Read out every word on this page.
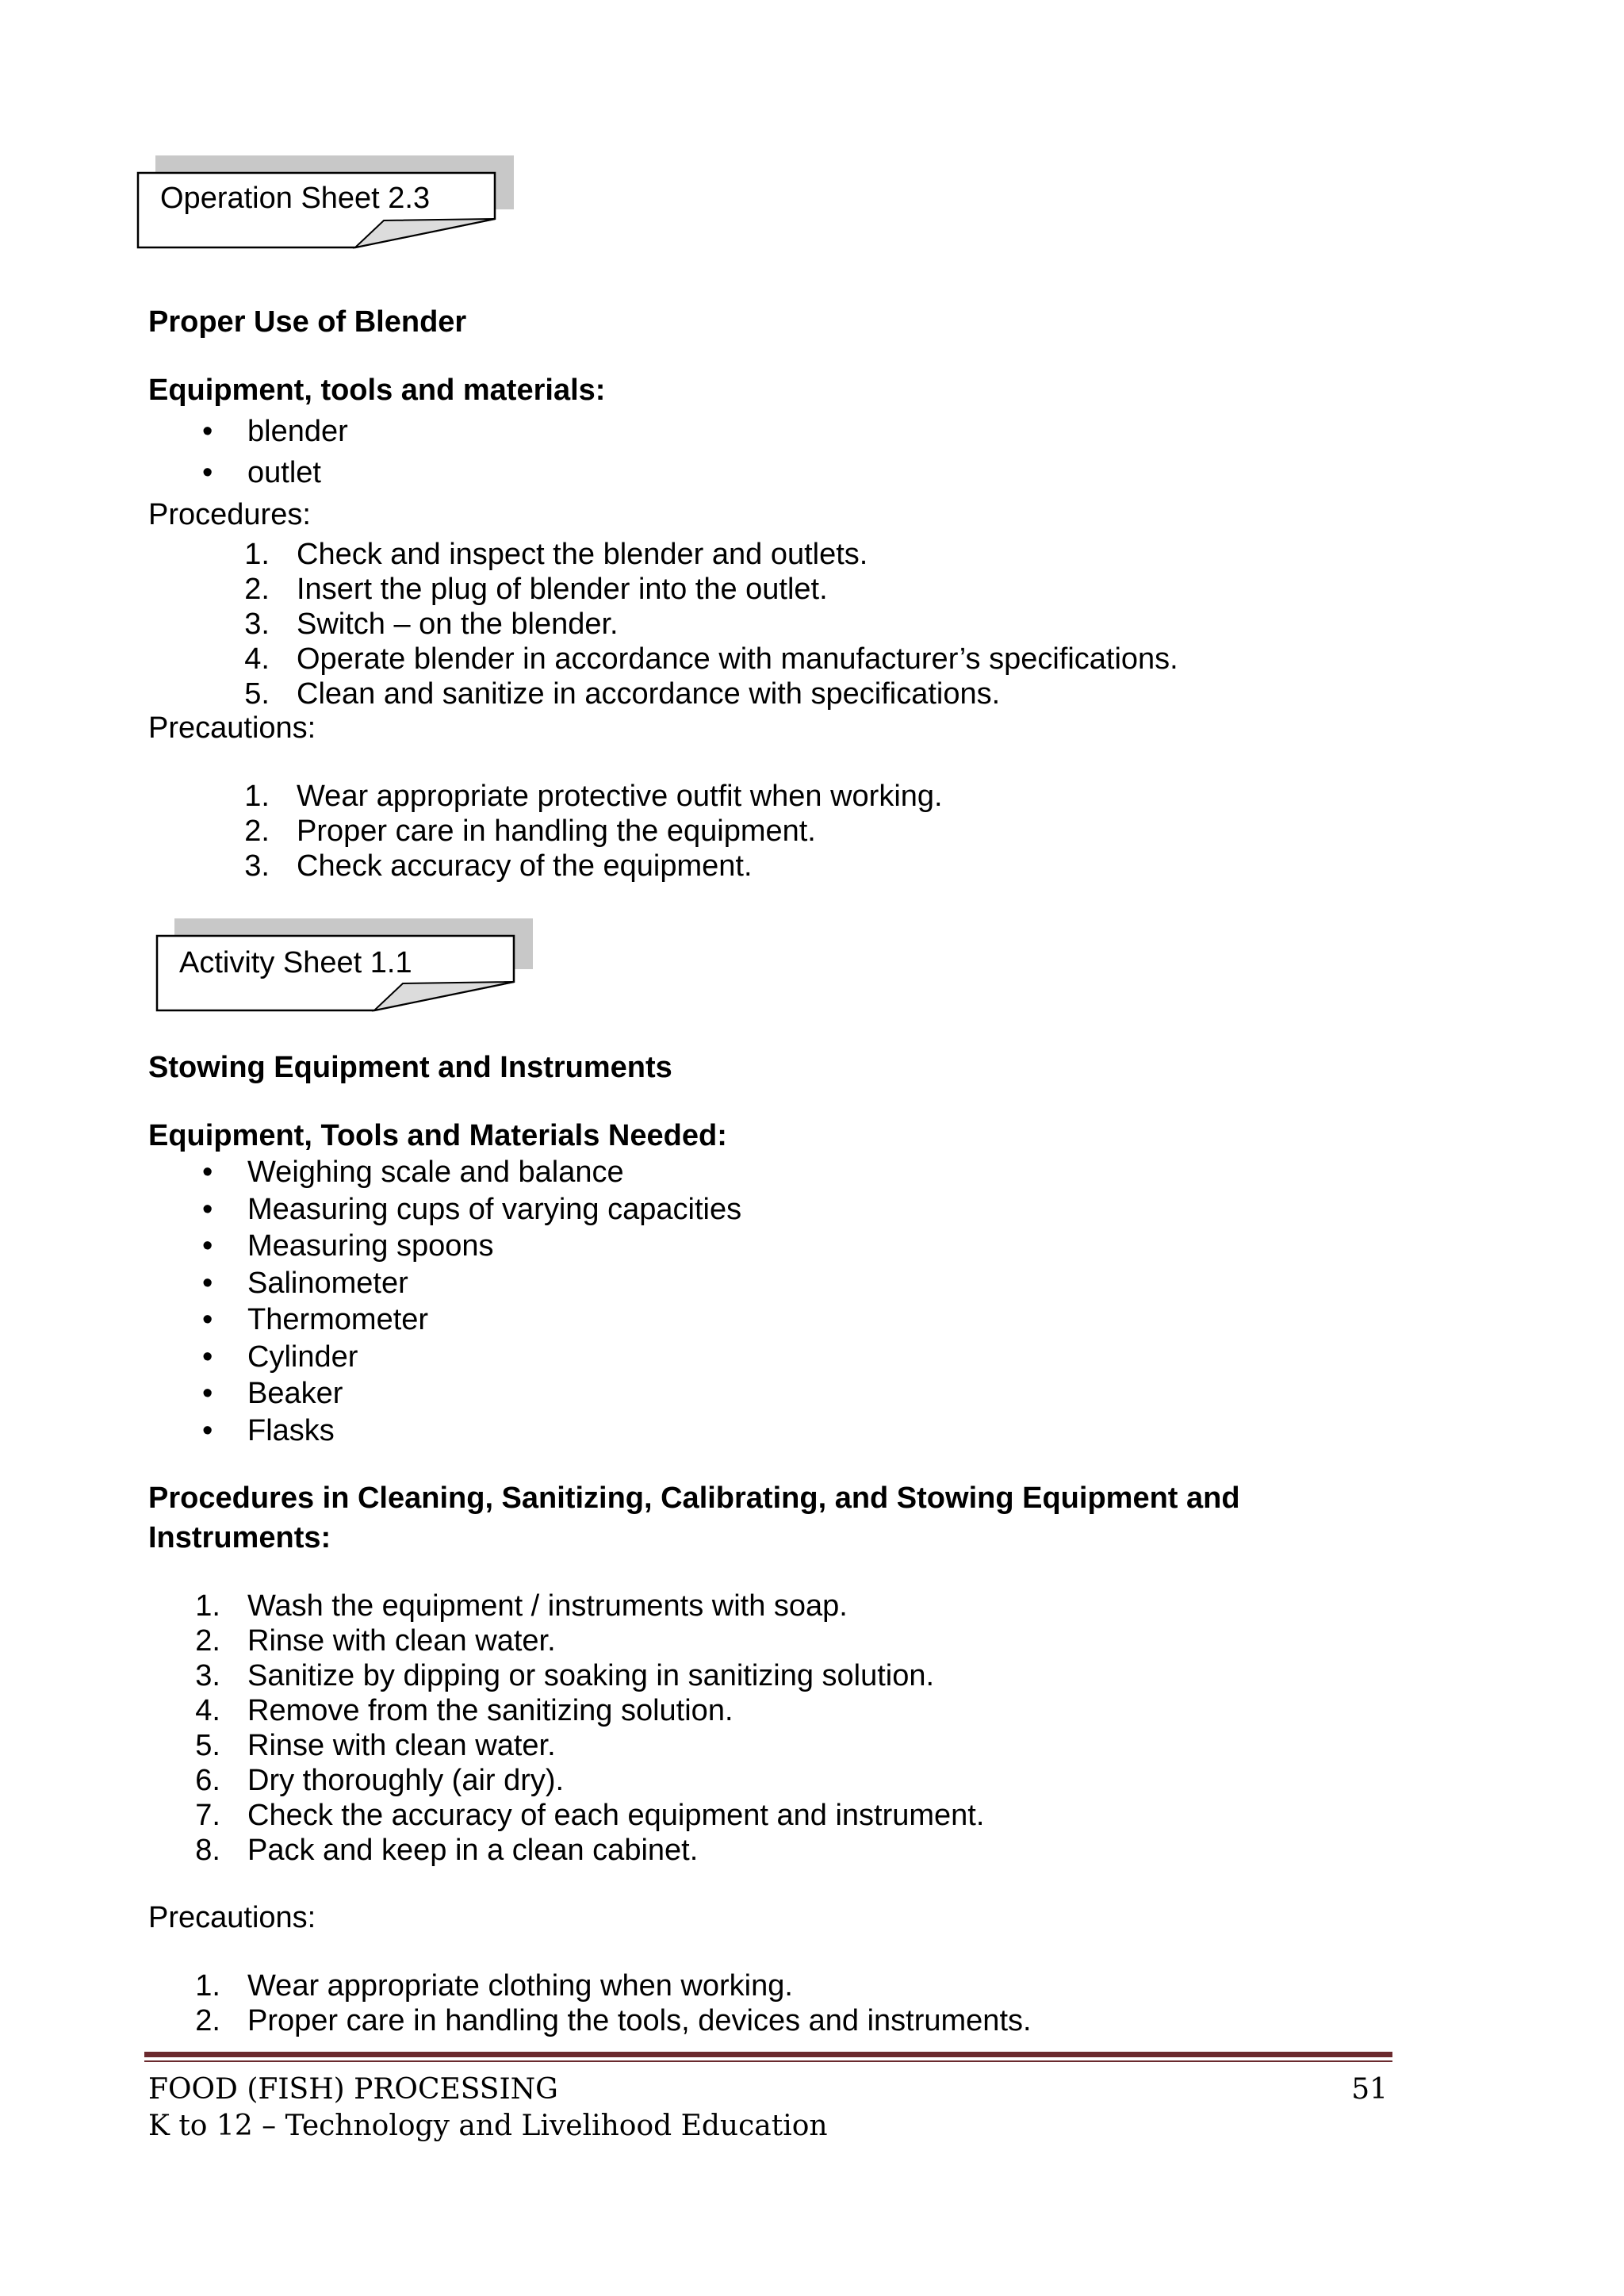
Operation Sheet 2.3
Proper Use of Blender
Equipment, tools and materials:
• blender
• outlet
Procedures:
1. Check and inspect the blender and outlets.
2. Insert the plug of blender into the outlet.
3. Switch – on the blender.
4. Operate blender in accordance with manufacturer’s specifications.
5. Clean and sanitize in accordance with specifications.
Precautions:
1. Wear appropriate protective outfit when working.
2. Proper care in handling the equipment.
3. Check accuracy of the equipment.
Activity Sheet 1.1
Stowing Equipment and Instruments
Equipment, Tools and Materials Needed:
• Weighing scale and balance
• Measuring cups of varying capacities
• Measuring spoons
• Salinometer
• Thermometer
• Cylinder
• Beaker
• Flasks
Procedures in Cleaning, Sanitizing, Calibrating, and Stowing Equipment and
Instruments:
1. Wash the equipment / instruments with soap.
2. Rinse with clean water.
3. Sanitize by dipping or soaking in sanitizing solution.
4. Remove from the sanitizing solution.
5. Rinse with clean water.
6. Dry thoroughly (air dry).
7. Check the accuracy of each equipment and instrument.
8. Pack and keep in a clean cabinet.
Precautions:
1. Wear appropriate clothing when working.
2. Proper care in handling the tools, devices and instruments.
FOOD (FISH) PROCESSING	51
K to 12 – Technology and Livelihood Education
